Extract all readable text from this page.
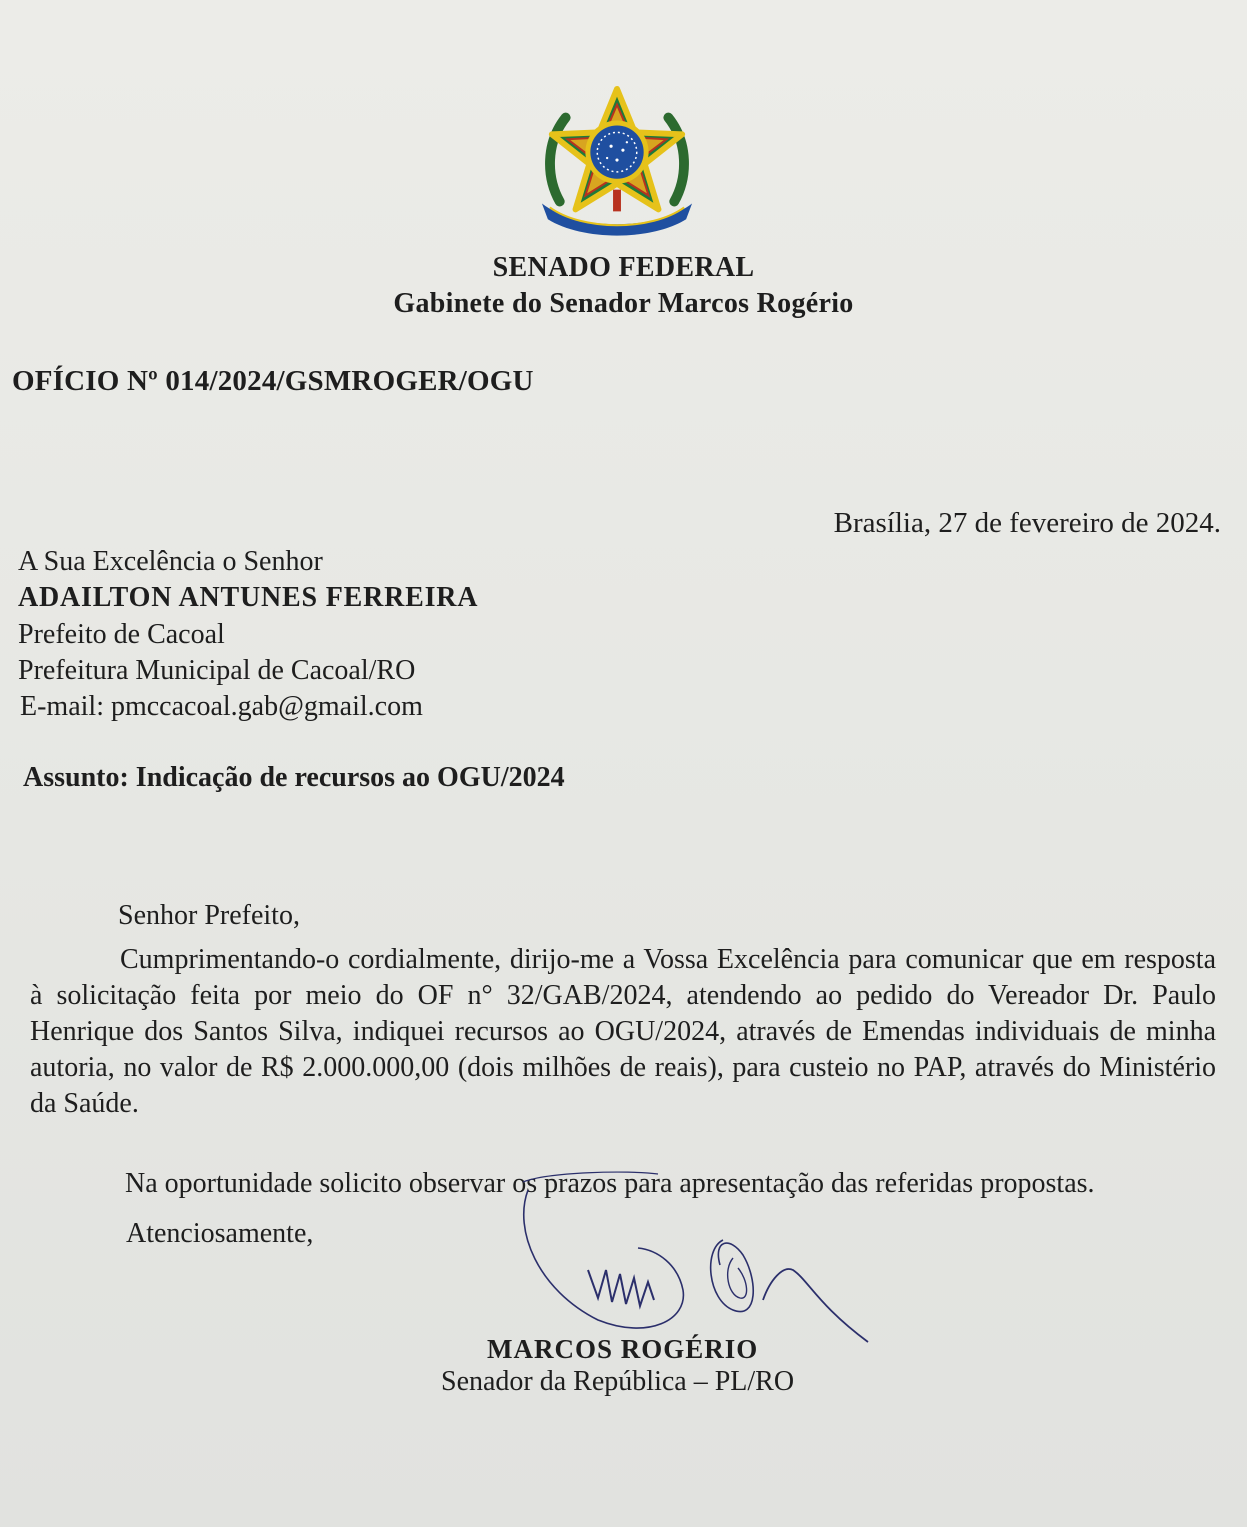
SENADO FEDERAL
Gabinete do Senador Marcos Rogério
OFÍCIO Nº 014/2024/GSMROGER/OGU
Brasília, 27 de fevereiro de 2024.
A Sua Excelência o Senhor
ADAILTON ANTUNES FERREIRA
Prefeito de Cacoal
Prefeitura Municipal de Cacoal/RO
E-mail: pmccacoal.gab@gmail.com
Assunto: Indicação de recursos ao OGU/2024
Senhor Prefeito,

Cumprimentando-o cordialmente, dirijo-me a Vossa Excelência para comunicar que em resposta à solicitação feita por meio do OF n° 32/GAB/2024, atendendo ao pedido do Vereador Dr. Paulo Henrique dos Santos Silva, indiquei recursos ao OGU/2024, através de Emendas individuais de minha autoria, no valor de R$ 2.000.000,00 (dois milhões de reais), para custeio no PAP, através do Ministério da Saúde.

Na oportunidade solicito observar os prazos para apresentação das referidas propostas.
Atenciosamente,
MARCOS ROGÉRIO
Senador da República – PL/RO
